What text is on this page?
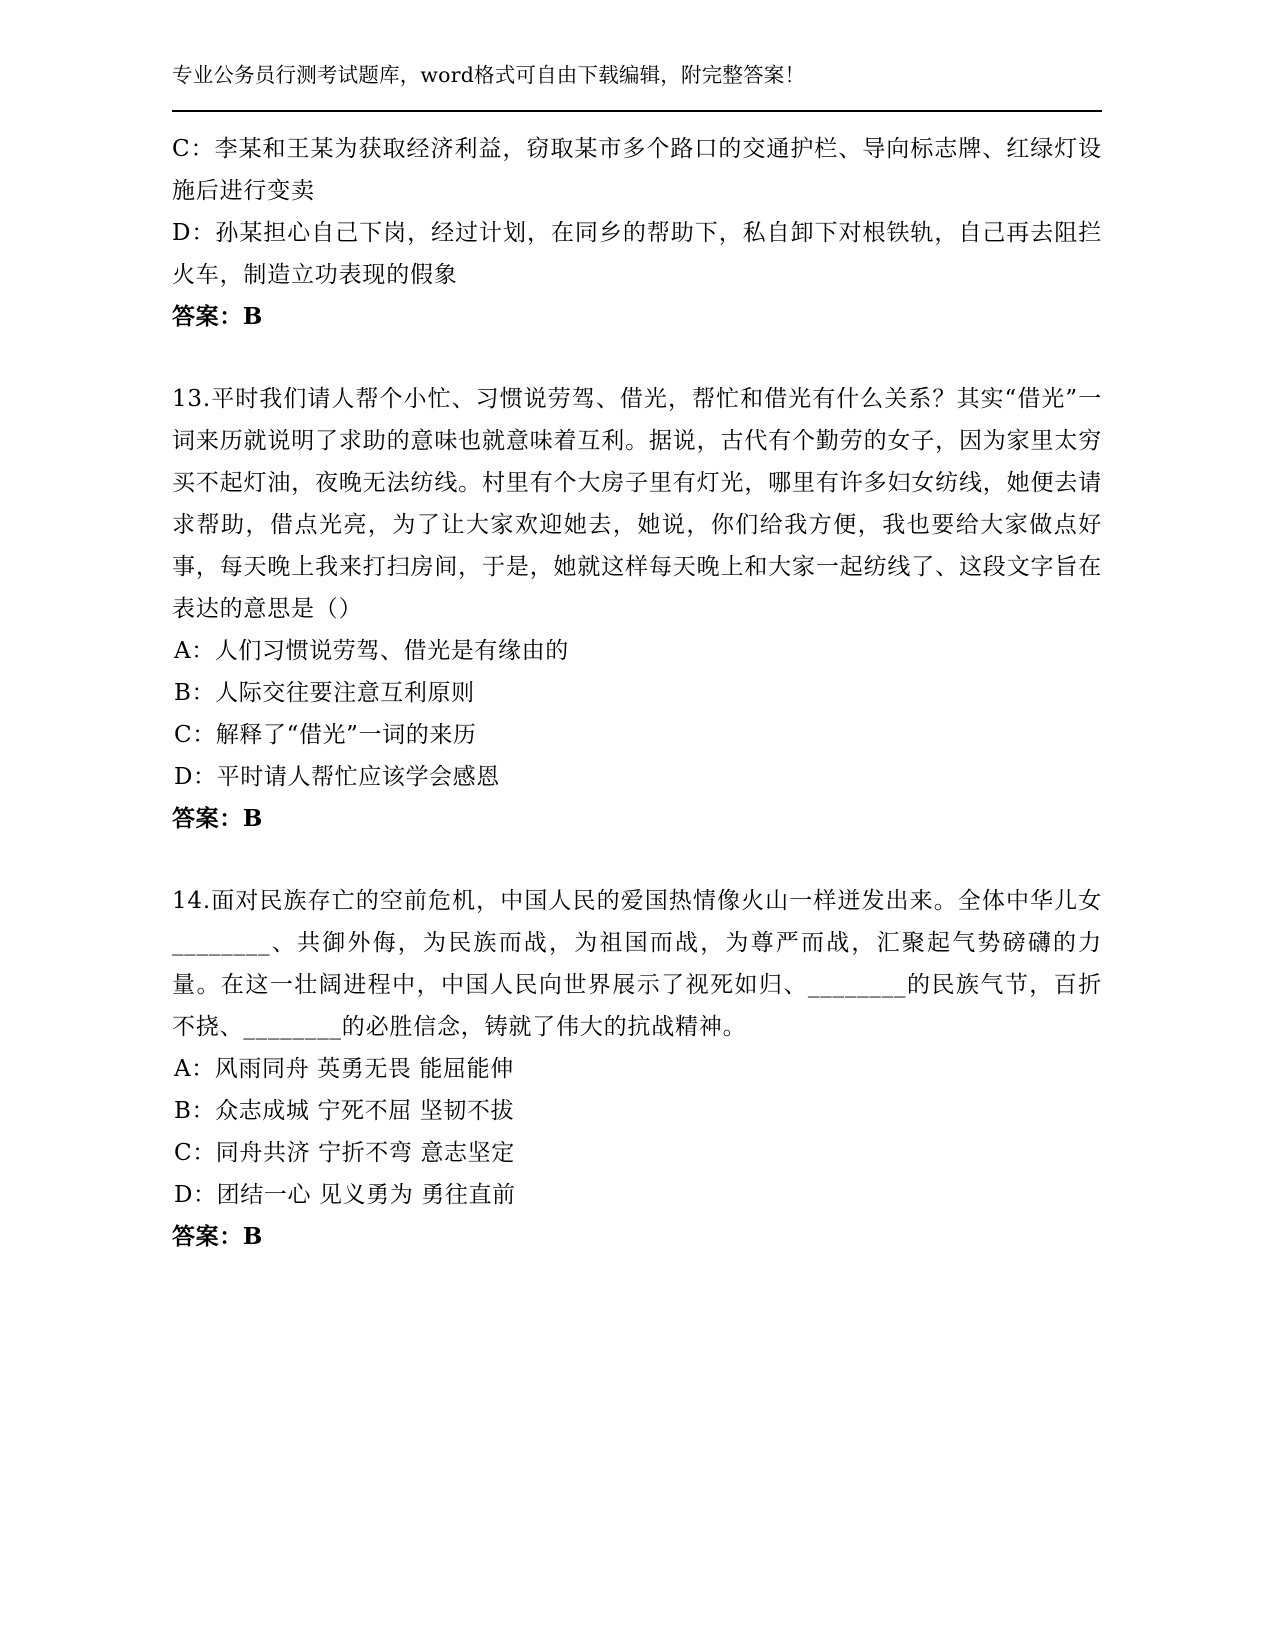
专业公务员行测考试题库，word格式可自由下载编辑，附完整答案！

C：李某和王某为获取经济利益，窃取某市多个路口的交通护栏、导向标志牌、红绿灯设施后进行变卖

D：孙某担心自己下岗，经过计划，在同乡的帮助下，私自卸下对根铁轨，自己再去阻拦火车，制造立功表现的假象

答案：B

13.平时我们请人帮个小忙、习惯说劳驾、借光，帮忙和借光有什么关系？其实“借光”一词来历就说明了求助的意味也就意味着互利。据说，古代有个勤劳的女子，因为家里太穷买不起灯油，夜晚无法纺线。村里有个大房子里有灯光，哪里有许多妇女纺线，她便去请求帮助，借点光亮，为了让大家欢迎她去，她说，你们给我方便，我也要给大家做点好事，每天晚上我来打扫房间，于是，她就这样每天晚上和大家一起纺线了、这段文字旨在表达的意思是（）

A：人们习惯说劳驾、借光是有缘由的

B：人际交往要注意互利原则

C：解释了“借光”一词的来历

D：平时请人帮忙应该学会感恩

答案：B

14.面对民族存亡的空前危机，中国人民的爱国热情像火山一样迸发出来。全体中华儿女________、共御外侮，为民族而战，为祖国而战，为尊严而战，汇聚起气势磅礴的力量。在这一壮阔进程中，中国人民向世界展示了视死如归、________的民族气节，百折不挠、________的必胜信念，铸就了伟大的抗战精神。

A：风雨同舟 英勇无畏 能屈能伸

B：众志成城 宁死不屈 坚韧不拔

C：同舟共济 宁折不弯 意志坚定

D：团结一心 见义勇为 勇往直前

答案：B
